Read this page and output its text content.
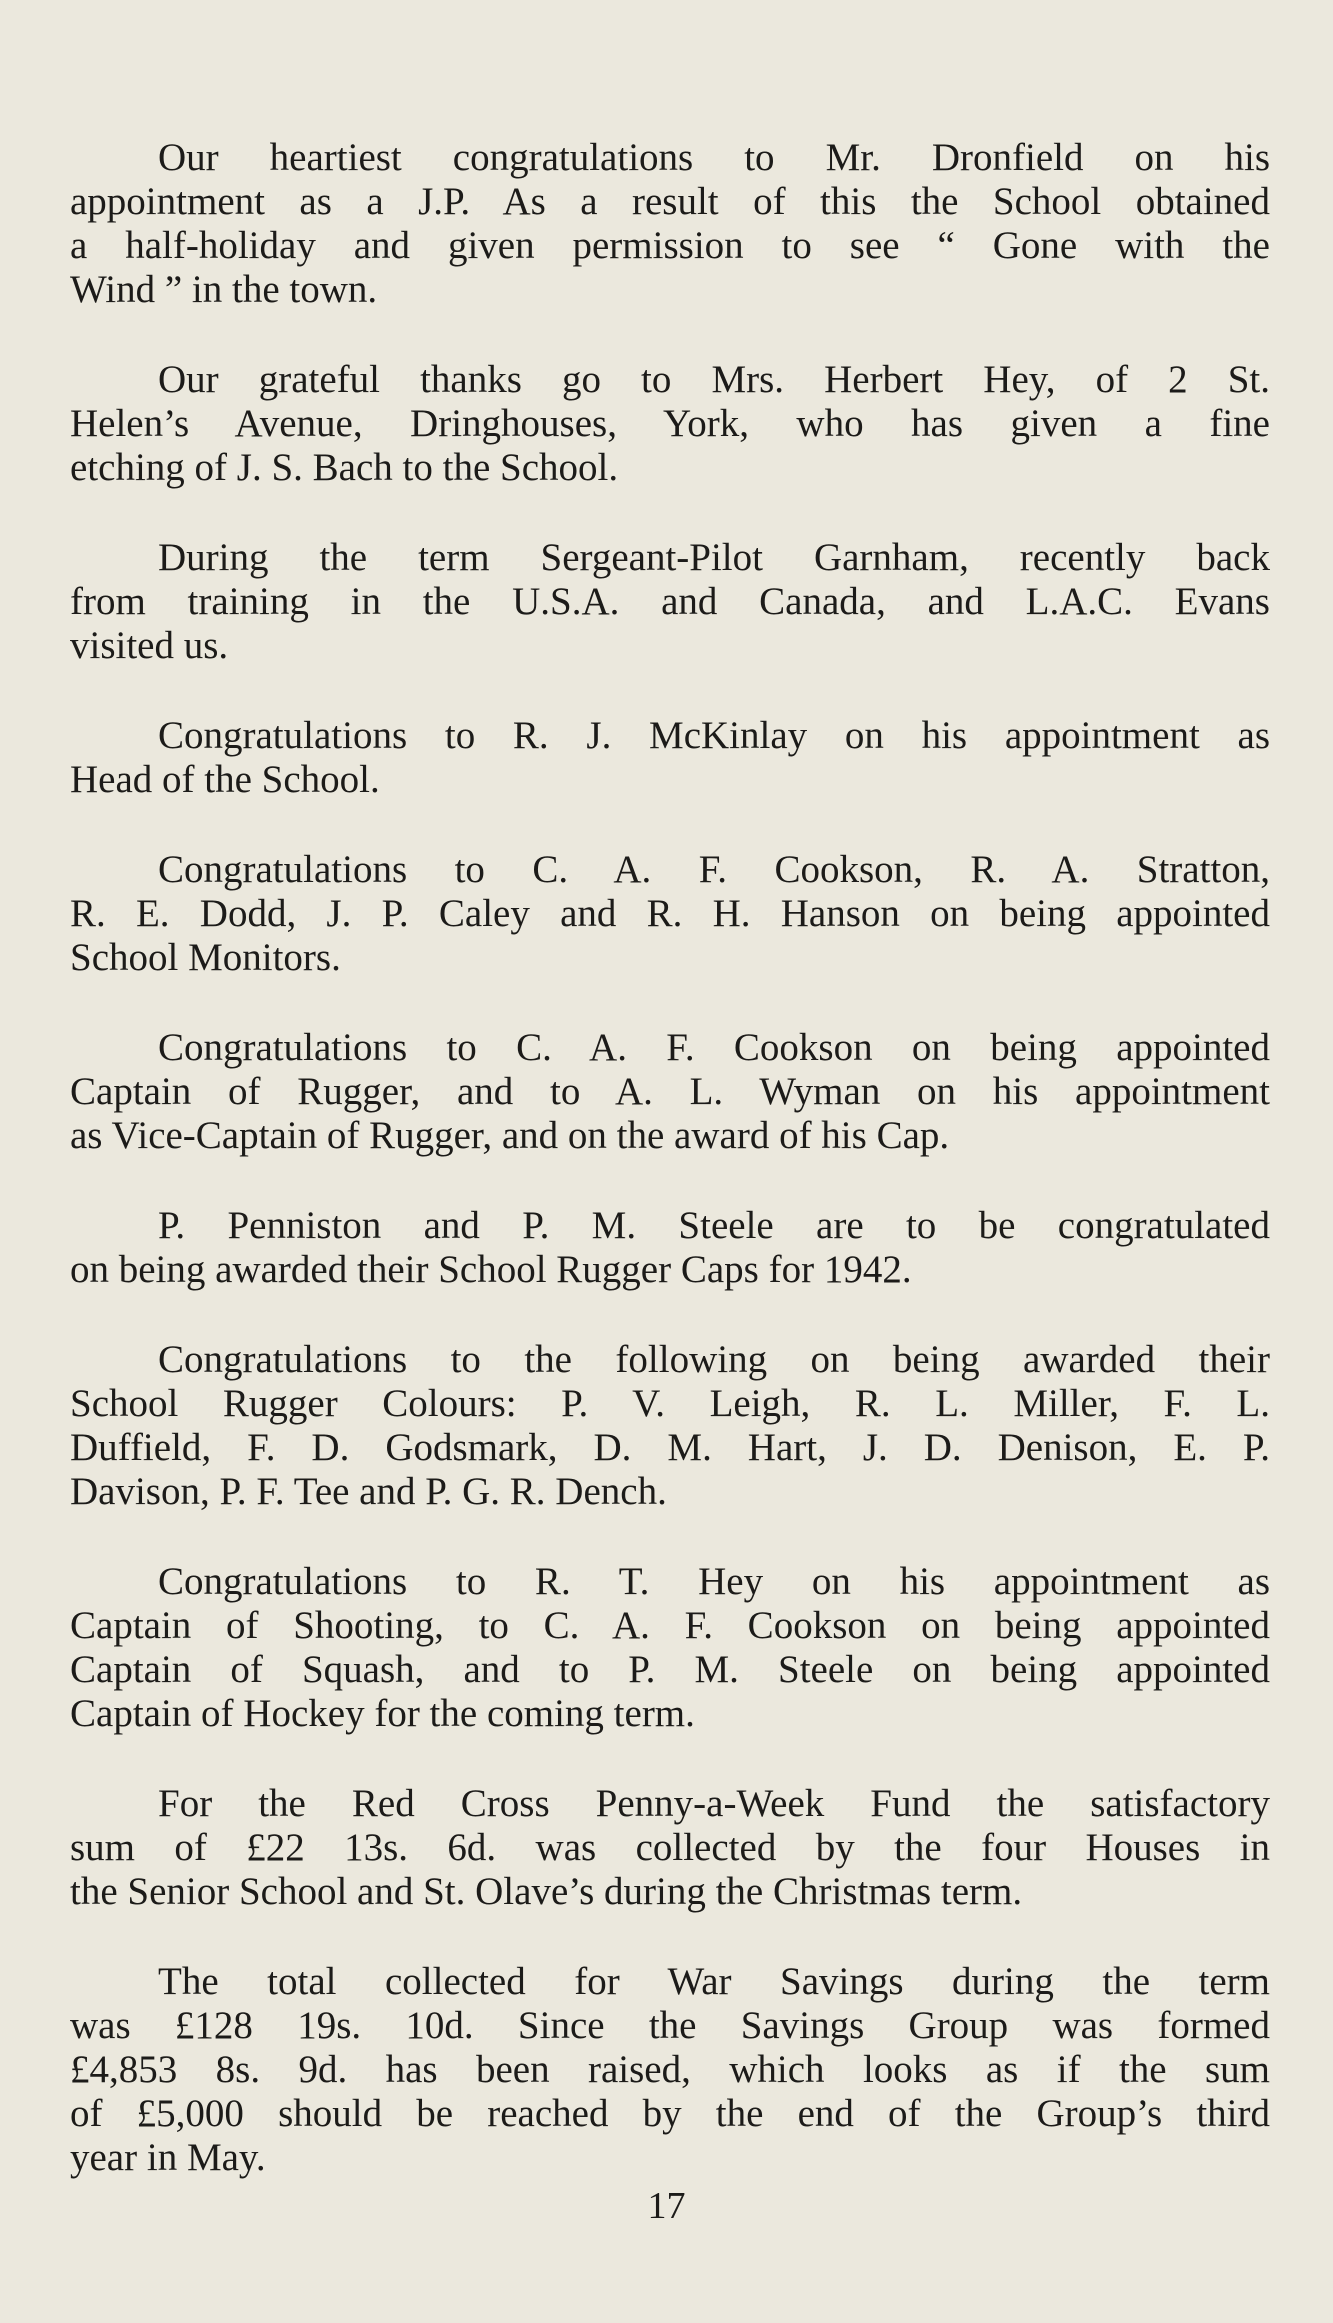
Our heartiest congratulations to Mr. Dronfield on his
appointment as a J.P. As a result of this the School obtained
a half-holiday and given permission to see “ Gone with the
Wind ” in the town.

Our grateful thanks go to Mrs. Herbert Hey, of 2 St.
Helen’s Avenue, Dringhouses, York, who has given a fine
etching of J. S. Bach to the School.

During the term Sergeant-Pilot Garnham, recently back
from training in the U.S.A. and Canada, and L.A.C. Evans
visited us.

Congratulations to R. J. McKinlay on his appointment as
Head of the School.

Congratulations to C. A. F. Cookson, R. A. Stratton,
R. E. Dodd, J. P. Caley and R. H. Hanson on being appointed
School Monitors.

Congratulations to C. A. F. Cookson on being appointed
Captain of Rugger, and to A. L. Wyman on his appointment
as Vice-Captain of Rugger, and on the award of his Cap.

P. Penniston and P. M. Steele are to be congratulated
on being awarded their School Rugger Caps for 1942.

Congratulations to the following on being awarded their
School Rugger Colours: P. V. Leigh, R. L. Miller, F. L.
Duffield, F. D. Godsmark, D. M. Hart, J. D. Denison, E. P.
Davison, P. F. Tee and P. G. R. Dench.

Congratulations to R. T. Hey on his appointment as
Captain of Shooting, to C. A. F. Cookson on being appointed
Captain of Squash, and to P. M. Steele on being appointed
Captain of Hockey for the coming term.

For the Red Cross Penny-a-Week Fund the satisfactory
sum of £22 13s. 6d. was collected by the four Houses in
the Senior School and St. Olave’s during the Christmas term.

The total collected for War Savings during the term
was £128 19s. 10d. Since the Savings Group was formed
£4,853 8s. 9d. has been raised, which looks as if the sum
of £5,000 should be reached by the end of the Group’s third
year in May.

17
